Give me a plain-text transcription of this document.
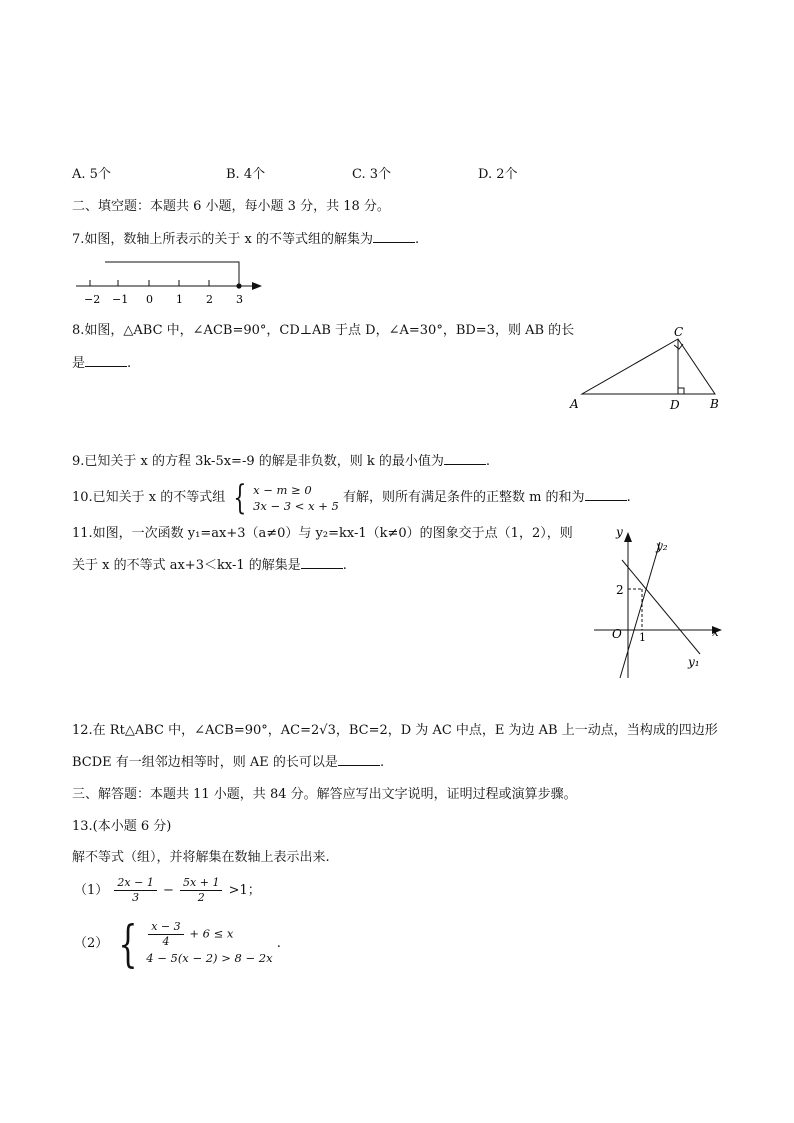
A. 5个	B. 4个	C. 3个	D. 2个
二、填空题：本题共 6 小题，每小题 3 分，共 18 分。
7.如图，数轴上所表示的关于 x 的不等式组的解集为	.
−2 −1 0 1 2 3
8.如图，△ABC 中，∠ACB=90°，CD⊥AB 于点 D，∠A=30°，BD=3，则 AB 的长
是	.
A	B
C
D
9.已知关于 x 的方程 3k-5x=-9 的解是非负数，则 k 的最小值为	.
10.已知关于 x 的不等式组 { x − m ≥ 0
3x − 3 < x + 5
有解，则所有满足条件的正整数 m 的和为	.
11.如图，一次函数 y₁=ax+3（a≠0）与 y₂=kx-1（k≠0）的图象交于点（1，2），则
关于 x 的不等式 ax+3＜kx-1 的解集是	.
y
x
O
2
1
y₂
y₁
12.在 Rt△ABC 中，∠ACB=90°，AC=2√3，BC=2，D 为 AC 中点，E 为边 AB 上一动点，当构成的四边形
BCDE 有一组邻边相等时，则 AE 的长可以是	.
三、解答题：本题共 11 小题，共 84 分。解答应写出文字说明，证明过程或演算步骤。
13.(本小题 6 分)
解不等式（组），并将解集在数轴上表示出来.
$(1) \frac{2x - 1}{3} - \frac{5x + 1}{2} >1$；
（2） { $\frac{x - 3}{4} + 6 \le x$
4 − 5(x − 2) > 8 − 2x
.
